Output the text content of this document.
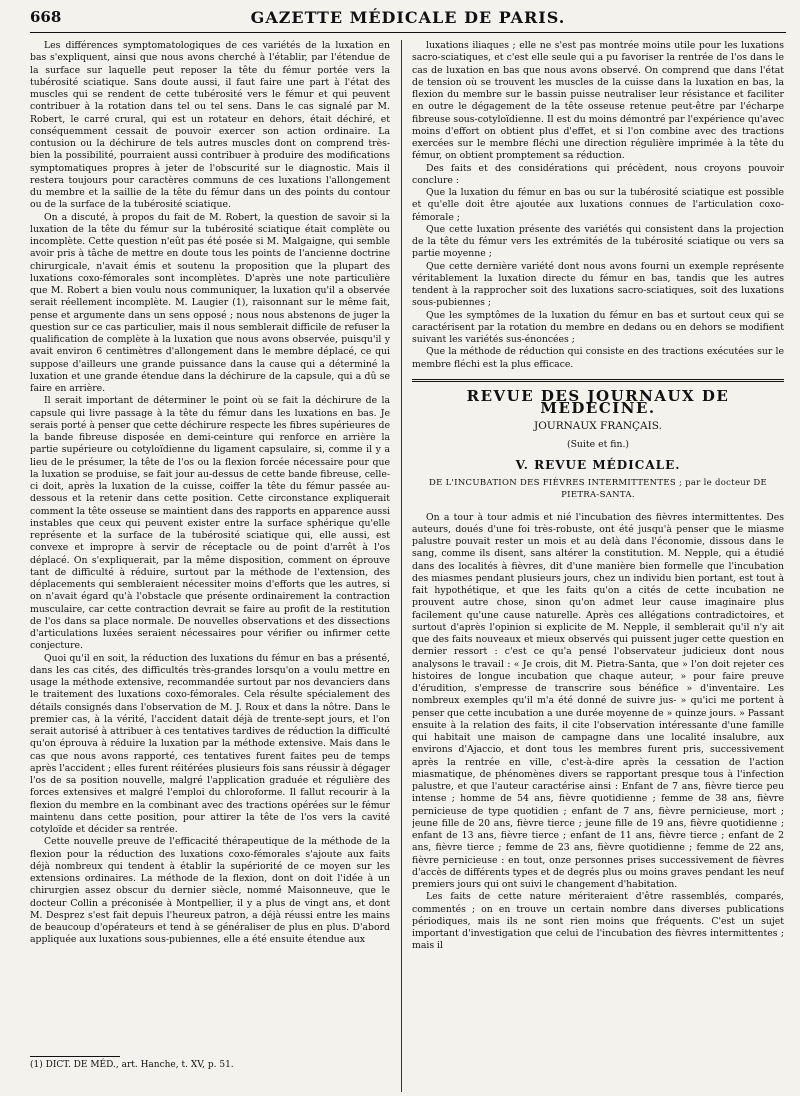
668	GAZETTE MÉDICALE DE PARIS.

Les différences symptomatologiques de ces variétés de la luxation en bas s'expliquent, ainsi que nous avons cherché à l'établir, par l'étendue de la surface sur laquelle peut reposer la tête du fémur portée vers la tubérosité sciatique. Sans doute aussi, il faut faire une part à l'état des muscles qui se rendent de cette tubérosité vers le fémur et qui peuvent contribuer à la rotation dans tel ou tel sens. Dans le cas signalé par M. Robert, le carré crural, qui est un rotateur en dehors, était déchiré, et conséquemment cessait de pouvoir exercer son action ordinaire. La contusion ou la déchirure de tels autres muscles dont on comprend très-bien la possibilité, pourraient aussi contribuer à produire des modifications symptomatiques propres à jeter de l'obscurité sur le diagnostic. Mais il restera toujours pour caractères communs de ces luxations l'allongement du membre et la saillie de la tête du fémur dans un des points du contour ou de la surface de la tubérosité sciatique.

On a discuté, à propos du fait de M. Robert, la question de savoir si la luxation de la tête du fémur sur la tubérosité sciatique était complète ou incomplète. Cette question n'eût pas été posée si M. Malgaigne, qui semble avoir pris à tâche de mettre en doute tous les points de l'ancienne doctrine chirurgicale, n'avait émis et soutenu la proposition que la plupart des luxations coxo-fémorales sont incomplètes. D'après une note particulière que M. Robert a bien voulu nous communiquer, la luxation qu'il a observée serait réellement incomplète. M. Laugier (1), raisonnant sur le même fait, pense et argumente dans un sens opposé ; nous nous abstenons de juger la question sur ce cas particulier, mais il nous semblerait difficile de refuser la qualification de complète à la luxation que nous avons observée, puisqu'il y avait environ 6 centimètres d'allongement dans le membre déplacé, ce qui suppose d'ailleurs une grande puissance dans la cause qui a déterminé la luxation et une grande étendue dans la déchirure de la capsule, qui a dû se faire en arrière.

Il serait important de déterminer le point où se fait la déchirure de la capsule qui livre passage à la tête du fémur dans les luxations en bas. Je serais porté à penser que cette déchirure respecte les fibres supérieures de la bande fibreuse disposée en demi-ceinture qui renforce en arrière la partie supérieure ou cotyloïdienne du ligament capsulaire, si, comme il y a lieu de le présumer, la tête de l'os ou la flexion forcée nécessaire pour que la luxation se produise, se fait jour au-dessus de cette bande fibreuse, celle-ci doit, après la luxation de la cuisse, coiffer la tête du fémur passée au-dessous et la retenir dans cette position. Cette circonstance expliquerait comment la tête osseuse se maintient dans des rapports en apparence aussi instables que ceux qui peuvent exister entre la surface sphérique qu'elle représente et la surface de la tubérosité sciatique qui, elle aussi, est convexe et impropre à servir de réceptacle ou de point d'arrêt à l'os déplacé. On s'expliquerait, par la même disposition, comment on éprouve tant de difficulté à réduire, surtout par la méthode de l'extension, des déplacements qui sembleraient nécessiter moins d'efforts que les autres, si on n'avait égard qu'à l'obstacle que présente ordinairement la contraction musculaire, car cette contraction devrait se faire au profit de la restitution de l'os dans sa place normale. De nouvelles observations et des dissections d'articulations luxées seraient nécessaires pour vérifier ou infirmer cette conjecture.

Quoi qu'il en soit, la réduction des luxations du fémur en bas a présenté, dans les cas cités, des difficultés très-grandes lorsqu'on a voulu mettre en usage la méthode extensive, recommandée surtout par nos devanciers dans le traitement des luxations coxo-fémorales. Cela résulte spécialement des détails consignés dans l'observation de M. J. Roux et dans la nôtre. Dans le premier cas, à la vérité, l'accident datait déjà de trente-sept jours, et l'on serait autorisé à attribuer à ces tentatives tardives de réduction la difficulté qu'on éprouva à réduire la luxation par la méthode extensive. Mais dans le cas que nous avons rapporté, ces tentatives furent faites peu de temps après l'accident ; elles furent réitérées plusieurs fois sans réussir à dégager l'os de sa position nouvelle, malgré l'application graduée et régulière des forces extensives et malgré l'emploi du chloroforme. Il fallut recourir à la flexion du membre en la combinant avec des tractions opérées sur le fémur maintenu dans cette position, pour attirer la tête de l'os vers la cavité cotyloïde et décider sa rentrée.

Cette nouvelle preuve de l'efficacité thérapeutique de la méthode de la flexion pour la réduction des luxations coxo-fémorales s'ajoute aux faits déjà nombreux qui tendent à établir la supériorité de ce moyen sur les extensions ordinaires. La méthode de la flexion, dont on doit l'idée à un chirurgien assez obscur du dernier siècle, nommé Maisonneuve, que le docteur Collin a préconisée à Montpellier, il y a plus de vingt ans, et dont M. Desprez s'est fait depuis l'heureux patron, a déjà réussi entre les mains de beaucoup d'opérateurs et tend à se généraliser de plus en plus. D'abord appliquée aux luxations sous-pubiennes, elle a été ensuite étendue aux

(1) DICT. DE MÉD., art. Hanche, t. XV, p. 51.

luxations iliaques ; elle ne s'est pas montrée moins utile pour les luxations sacro-sciatiques, et c'est elle seule qui a pu favoriser la rentrée de l'os dans le cas de luxation en bas que nous avons observé. On comprend que dans l'état de tension où se trouvent les muscles de la cuisse dans la luxation en bas, la flexion du membre sur le bassin puisse neutraliser leur résistance et faciliter en outre le dégagement de la tête osseuse retenue peut-être par l'écharpe fibreuse sous-cotyloïdienne. Il est du moins démontré par l'expérience qu'avec moins d'effort on obtient plus d'effet, et si l'on combine avec des tractions exercées sur le membre fléchi une direction régulière imprimée à la tête du fémur, on obtient promptement sa réduction.

Des faits et des considérations qui précèdent, nous croyons pouvoir conclure :

Que la luxation du fémur en bas ou sur la tubérosité sciatique est possible et qu'elle doit être ajoutée aux luxations connues de l'articulation coxo-fémorale ;

Que cette luxation présente des variétés qui consistent dans la projection de la tête du fémur vers les extrémités de la tubérosité sciatique ou vers sa partie moyenne ;

Que cette dernière variété dont nous avons fourni un exemple représente véritablement la luxation directe du fémur en bas, tandis que les autres tendent à la rapprocher soit des luxations sacro-sciatiques, soit des luxations sous-pubiennes ;

Que les symptômes de la luxation du fémur en bas et surtout ceux qui se caractérisent par la rotation du membre en dedans ou en dehors se modifient suivant les variétés sus-énoncées ;

Que la méthode de réduction qui consiste en des tractions exécutées sur le membre fléchi est la plus efficace.

REVUE DES JOURNAUX DE MÉDECINE.

JOURNAUX FRANÇAIS.

(Suite et fin.)

V. REVUE MÉDICALE.

DE L'INCUBATION DES FIÈVRES INTERMITTENTES ; par le docteur DE PIETRA-SANTA.

On a tour à tour admis et nié l'incubation des fièvres intermittentes. Des auteurs, doués d'une foi très-robuste, ont été jusqu'à penser que le miasme palustre pouvait rester un mois et au delà dans l'économie, dissous dans le sang, comme ils disent, sans altérer la constitution. M. Nepple, qui a étudié dans des localités à fièvres, dit d'une manière bien formelle que l'incubation des miasmes pendant plusieurs jours, chez un individu bien portant, est tout à fait hypothétique, et que les faits qu'on a cités de cette incubation ne prouvent autre chose, sinon qu'on admet leur cause imaginaire plus facilement qu'une cause naturelle. Après ces allégations contradictoires, et surtout d'après l'opinion si explicite de M. Nepple, il semblerait qu'il n'y ait que des faits nouveaux et mieux observés qui puissent juger cette question en dernier ressort : c'est ce qu'a pensé l'observateur judicieux dont nous analysons le travail : « Je crois, dit M. Pietra-Santa, que » l'on doit rejeter ces histoires de longue incubation que chaque auteur, » pour faire preuve d'érudition, s'empresse de transcrire sous bénéfice » d'inventaire. Les nombreux exemples qu'il m'a été donné de suivre jus- » qu'ici me portent à penser que cette incubation a une durée moyenne de » quinze jours. » Passant ensuite à la relation des faits, il cite l'observation intéressante d'une famille qui habitait une maison de campagne dans une localité insalubre, aux environs d'Ajaccio, et dont tous les membres furent pris, successivement après la rentrée en ville, c'est-à-dire après la cessation de l'action miasmatique, de phénomènes divers se rapportant presque tous à l'infection palustre, et que l'auteur caractérise ainsi : Enfant de 7 ans, fièvre tierce peu intense ; homme de 54 ans, fièvre quotidienne ; femme de 38 ans, fièvre pernicieuse de type quotidien ; enfant de 7 ans, fièvre pernicieuse, mort ; jeune fille de 20 ans, fièvre tierce ; jeune fille de 19 ans, fièvre quotidienne ; enfant de 13 ans, fièvre tierce ; enfant de 11 ans, fièvre tierce ; enfant de 2 ans, fièvre tierce ; femme de 23 ans, fièvre quotidienne ; femme de 22 ans, fièvre pernicieuse : en tout, onze personnes prises successivement de fièvres d'accès de différents types et de degrés plus ou moins graves pendant les neuf premiers jours qui ont suivi le changement d'habitation.

Les faits de cette nature mériteraient d'être rassemblés, comparés, commentés ; on en trouve un certain nombre dans diverses publications périodiques, mais ils ne sont rien moins que fréquents. C'est un sujet important d'investigation que celui de l'incubation des fièvres intermittentes ; mais il
